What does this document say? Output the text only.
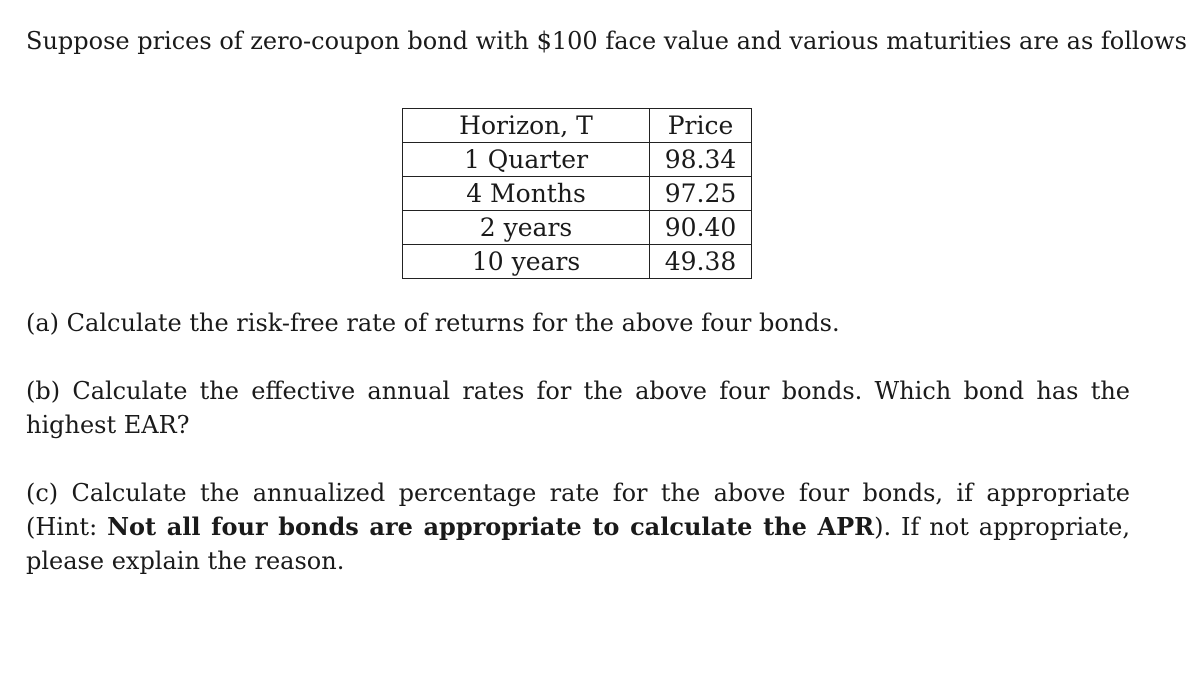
Suppose prices of zero-coupon bond with $100 face value and various maturities are as follows
Horizon, T	Price
1 Quarter	98.34
4 Months	97.25
2 years	90.40
10 years	49.38
(a) Calculate the risk-free rate of returns for the above four bonds.
(b) Calculate the effective annual rates for the above four bonds. Which bond has the highest EAR?
(c) Calculate the annualized percentage rate for the above four bonds, if appropriate (Hint: Not all four bonds are appropriate to calculate the APR). If not appropriate, please explain the reason.
